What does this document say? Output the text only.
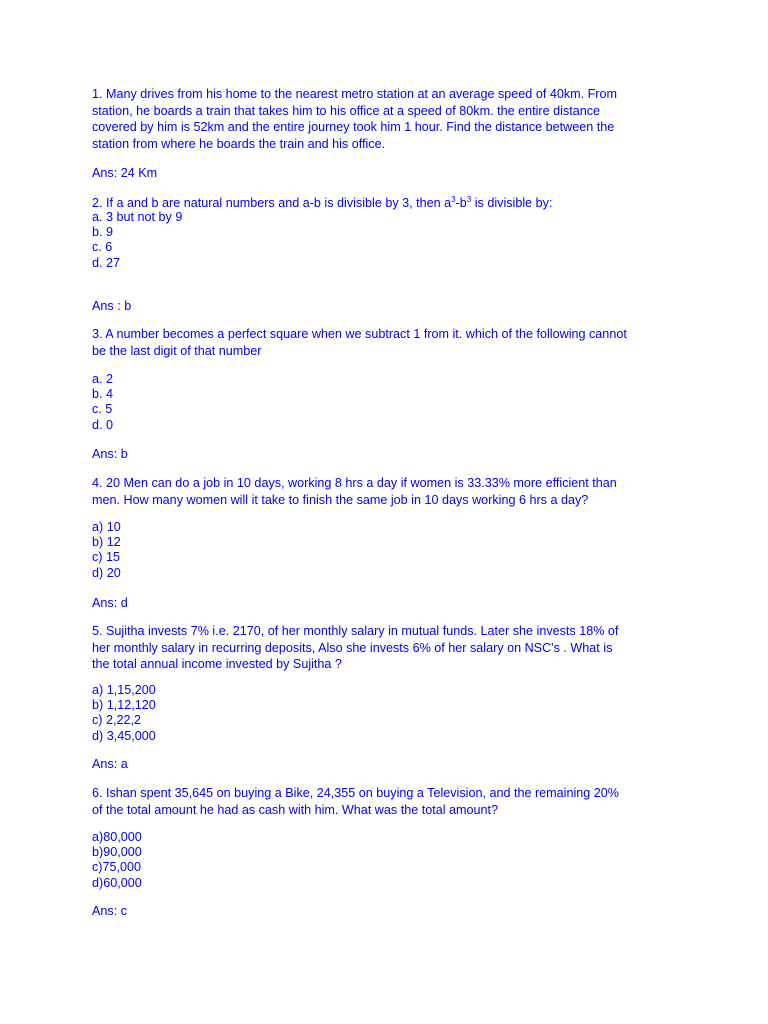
1. Many drives from his home to the nearest metro station at an average speed of 40km. From
station, he boards a train that takes him to his office at a speed of 80km. the entire distance
covered by him is 52km and the entire journey took him 1 hour. Find the distance between the
station from where he boards the train and his office.
Ans: 24 Km
2. If a and b are natural numbers and a-b is divisible by 3, then $a^3-b^3$ is divisible by:
a. 3 but not by 9
b. 9
c. 6
d. 27
Ans : b
3. A number becomes a perfect square when we subtract 1 from it. which of the following cannot
be the last digit of that number
a. 2
b. 4
c. 5
d. 0
Ans: b
4. 20 Men can do a job in 10 days, working 8 hrs a day if women is 33.33% more efficient than
men. How many women will it take to finish the same job in 10 days working 6 hrs a day?
a) 10
b) 12
c) 15
d) 20
Ans: d
5. Sujitha invests 7% i.e. 2170, of her monthly salary in mutual funds. Later she invests 18% of
her monthly salary in recurring deposits, Also she invests 6% of her salary on NSC's . What is
the total annual income invested by Sujitha ?
a) 1,15,200
b) 1,12,120
c) 2,22,2
d) 3,45,000
Ans: a
6. Ishan spent 35,645 on buying a Bike, 24,355 on buying a Television, and the remaining 20%
of the total amount he had as cash with him. What was the total amount?
a)80,000
b)90,000
c)75,000
d)60,000
Ans: c
